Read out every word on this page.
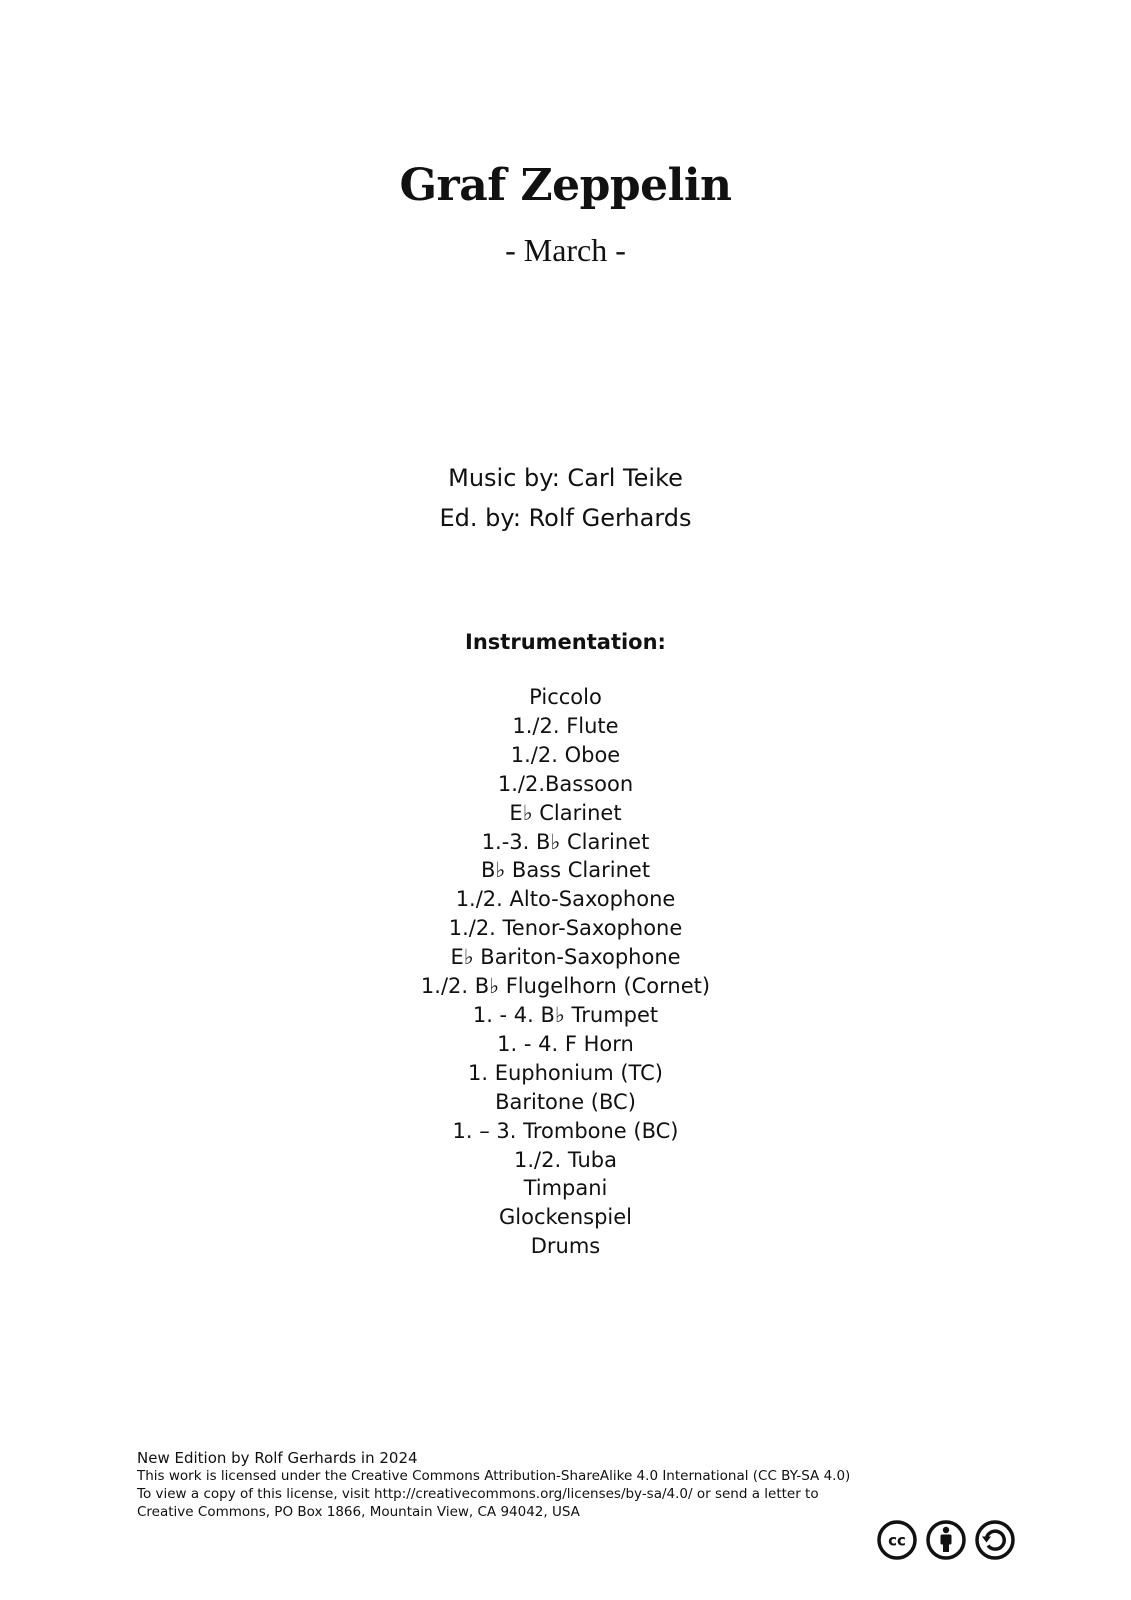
Graf Zeppelin
- March -
Music by: Carl Teike
Ed. by: Rolf Gerhards
Instrumentation:
Piccolo
1./2. Flute
1./2. Oboe
1./2.Bassoon
E♭ Clarinet
1.-3. B♭ Clarinet
B♭ Bass Clarinet
1./2. Alto-Saxophone
1./2. Tenor-Saxophone
E♭ Bariton-Saxophone
1./2. B♭ Flugelhorn (Cornet)
1. - 4. B♭ Trumpet
1. - 4. F Horn
1. Euphonium (TC)
Baritone (BC)
1. – 3. Trombone (BC)
1./2. Tuba
Timpani
Glockenspiel
Drums
New Edition by Rolf Gerhards in 2024
This work is licensed under the Creative Commons Attribution-ShareAlike 4.0 International (CC BY-SA 4.0)
To view a copy of this license, visit http://creativecommons.org/licenses/by-sa/4.0/ or send a letter to
Creative Commons, PO Box 1866, Mountain View, CA 94042, USA
cc
